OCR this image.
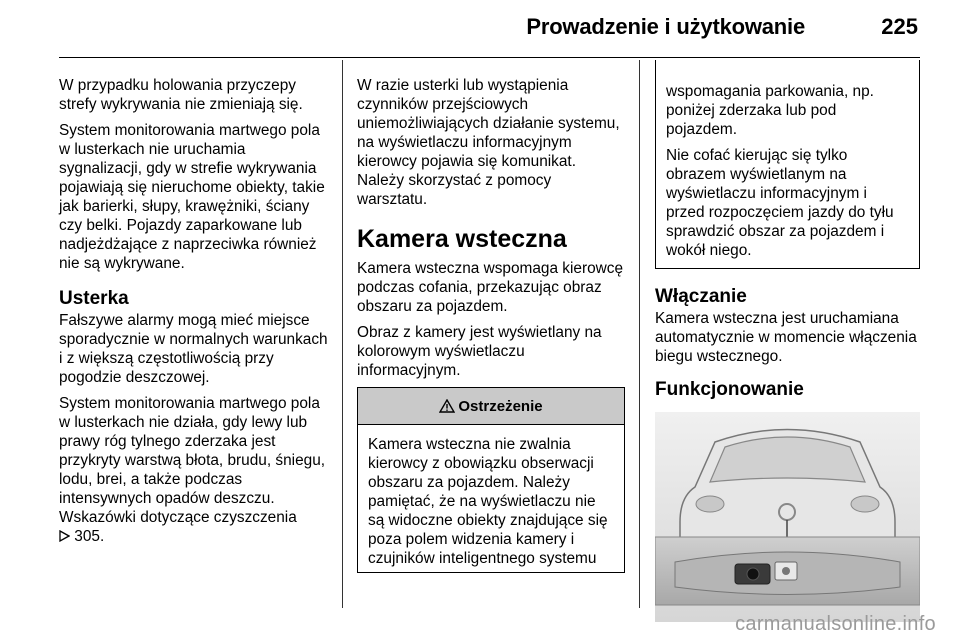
Prowadzenie i użytkowanie	225

W przypadku holowania przyczepy strefy wykrywania nie zmieniają się.

System monitorowania martwego pola w lusterkach nie uruchamia sygnalizacji, gdy w strefie wykrywania pojawiają się nieruchome obiekty, takie jak barierki, słupy, krawężniki, ściany czy belki. Pojazdy zaparkowane lub nadjeżdżające z naprzeciwka również nie są wykrywane.

Usterka

Fałszywe alarmy mogą mieć miejsce sporadycznie w normalnych warunkach i z większą częstotliwością przy pogodzie deszczowej.

System monitorowania martwego pola w lusterkach nie działa, gdy lewy lub prawy róg tylnego zderzaka jest przykryty warstwą błota, brudu, śniegu, lodu, brei, a także podczas intensywnych opadów deszczu. Wskazówki dotyczące czyszczenia
305.

W razie usterki lub wystąpienia czynników przejściowych uniemożliwiających działanie systemu, na wyświetlaczu informacyjnym kierowcy pojawia się komunikat. Należy skorzystać z pomocy warsztatu.

Kamera wsteczna

Kamera wsteczna wspomaga kierowcę podczas cofania, przekazując obraz obszaru za pojazdem.

Obraz z kamery jest wyświetlany na kolorowym wyświetlaczu informacyjnym.

Ostrzeżenie
Kamera wsteczna nie zwalnia kierowcy z obowiązku obserwacji obszaru za pojazdem. Należy pamiętać, że na wyświetlaczu nie są widoczne obiekty znajdujące się poza polem widzenia kamery i czujników inteligentnego systemu

wspomagania parkowania, np. poniżej zderzaka lub pod pojazdem.

Nie cofać kierując się tylko obrazem wyświetlanym na wyświetlaczu informacyjnym i przed rozpoczęciem jazdy do tyłu sprawdzić obszar za pojazdem i wokół niego.

Włączanie

Kamera wsteczna jest uruchamiana automatycznie w momencie włączenia biegu wstecznego.

Funkcjonowanie
carmanualsonline.info
